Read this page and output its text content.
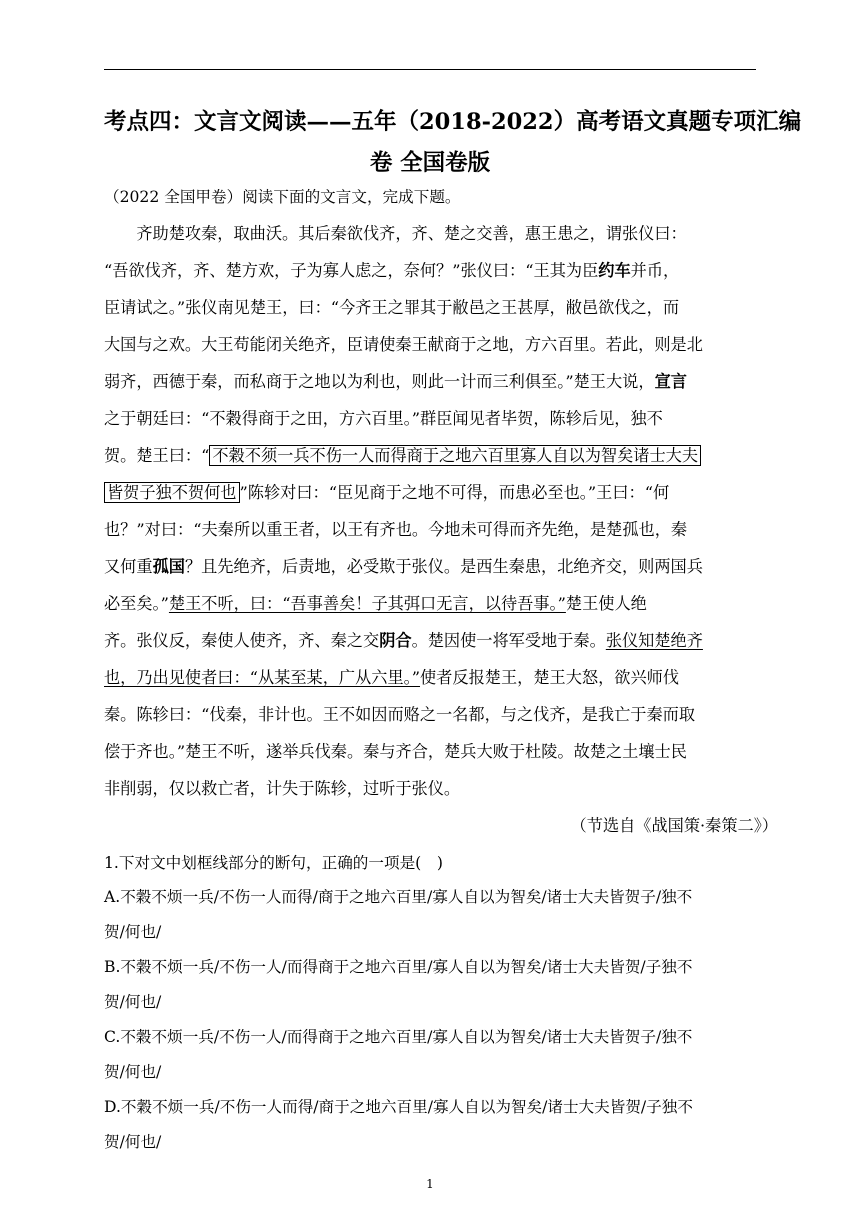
考点四：文言文阅读——五年（2018-2022）高考语文真题专项汇编
卷 全国卷版
（2022 全国甲卷）阅读下面的文言文，完成下题。
　　齐助楚攻秦，取曲沃。其后秦欲伐齐，齐、楚之交善，惠王患之，谓张仪曰：
“吾欲伐齐，齐、楚方欢，子为寡人虑之，奈何？”张仪曰：“王其为臣约车并币，
臣请试之。”张仪南见楚王，曰：“今齐王之罪其于敝邑之王甚厚，敝邑欲伐之，而
大国与之欢。大王苟能闭关绝齐，臣请使秦王献商于之地，方六百里。若此，则是北
弱齐，西德于秦，而私商于之地以为利也，则此一计而三利俱至。”楚王大说，宣言
之于朝廷曰：“不穀得商于之田，方六百里。”群臣闻见者毕贺，陈轸后见，独不
贺。楚王曰：“ 不穀不须一兵不伤一人而得商于之地六百里寡人自以为智矣诸士大夫
皆贺子独不贺何也 ”陈轸对曰：“臣见商于之地不可得，而患必至也。”王曰：“何
也？”对曰：“夫秦所以重王者，以王有齐也。今地未可得而齐先绝，是楚孤也，秦
又何重孤国？且先绝齐，后责地，必受欺于张仪。是西生秦患，北绝齐交，则两国兵
必至矣。”楚王不听，曰：“吾事善矣！子其弭口无言，以待吾事。”楚王使人绝
齐。张仪反，秦使人使齐，齐、秦之交阴合。楚因使一将军受地于秦。张仪知楚绝齐
也，乃出见使者曰：“从某至某，广从六里。”使者反报楚王，楚王大怒，欲兴师伐
秦。陈轸曰：“伐秦，非计也。王不如因而赂之一名都，与之伐齐，是我亡于秦而取
偿于齐也。”楚王不听，遂举兵伐秦。秦与齐合，楚兵大败于杜陵。故楚之土壤士民
非削弱，仅以救亡者，计失于陈轸，过听于张仪。
（节选自《战国策·秦策二》）
1.下对文中划框线部分的断句，正确的一项是(　)
A.不穀不烦一兵/不伤一人而得/商于之地六百里/寡人自以为智矣/诸士大夫皆贺子/独不
贺/何也/
B.不穀不烦一兵/不伤一人/而得商于之地六百里/寡人自以为智矣/诸士大夫皆贺/子独不
贺/何也/
C.不穀不烦一兵/不伤一人/而得商于之地六百里/寡人自以为智矣/诸士大夫皆贺子/独不
贺/何也/
D.不穀不烦一兵/不伤一人而得/商于之地六百里/寡人自以为智矣/诸士大夫皆贺/子独不
贺/何也/
1
